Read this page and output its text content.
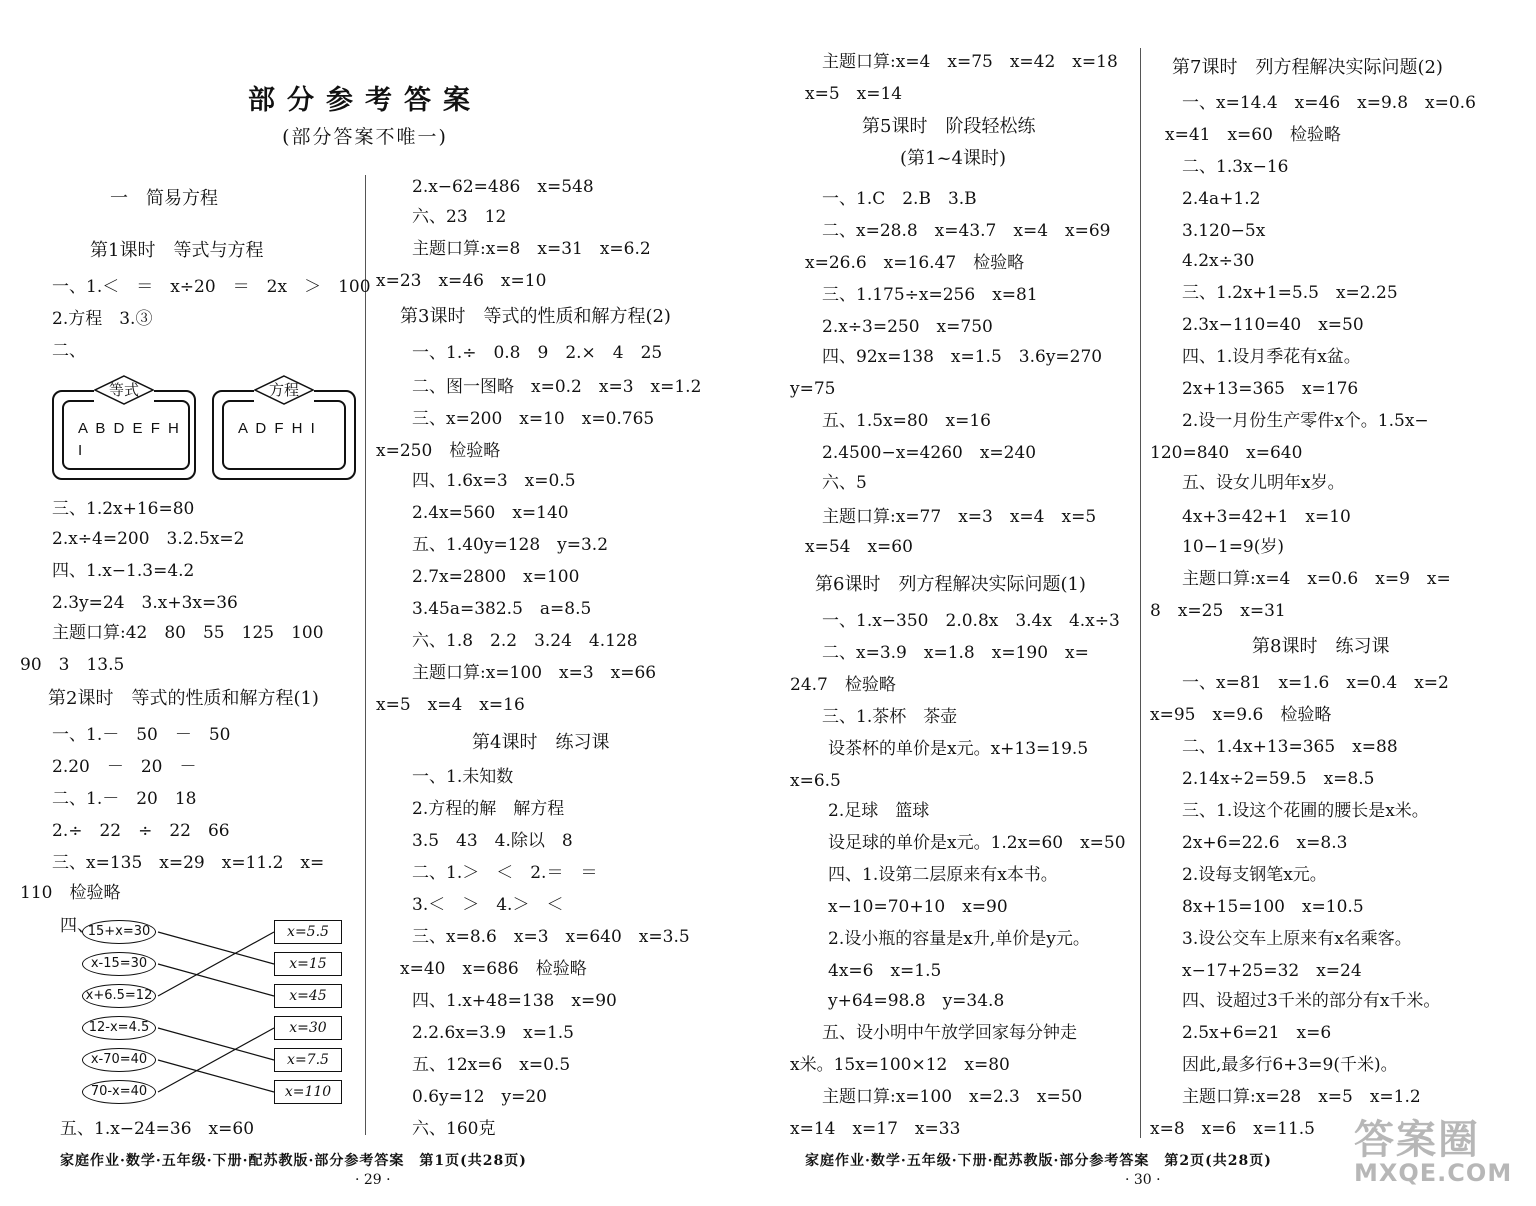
部分参考答案
(部分答案不唯一)
一　简易方程
第1课时　等式与方程
一、1.＜　＝　x÷20　＝　2x　＞　100
2.方程　3.③
二、
三、1.2x+16=80
2.x÷4=200　3.2.5x=2
四、1.x−1.3=4.2
2.3y=24　3.x+3x=36
主题口算:42　80　55　125　100
90　3　13.5
第2课时　等式的性质和解方程(1)
一、1.－　50　－　50
2.20　－　20　－
二、1.－　20　18
2.÷　22　÷　22　66
三、x=135　x=29　x=11.2　x=
110　检验略
四、
五、1.x−24=36　x=60
2.x−62=486　x=548
六、23　12
主题口算:x=8　x=31　x=6.2
x=23　x=46　x=10
第3课时　等式的性质和解方程(2)
一、1.÷　0.8　9　2.×　4　25
二、图一图略　x=0.2　x=3　x=1.2
三、x=200　x=10　x=0.765
x=250　检验略
四、1.6x=3　x=0.5
2.4x=560　x=140
五、1.40y=128　y=3.2
2.7x=2800　x=100
3.45a=382.5　a=8.5
六、1.8　2.2　3.24　4.128
主题口算:x=100　x=3　x=66
x=5　x=4　x=16
第4课时　练习课
一、1.未知数
2.方程的解　解方程
3.5　43　4.除以　8
二、1.＞　＜　2.＝　＝
3.＜　＞　4.＞　＜
三、x=8.6　x=3　x=640　x=3.5
x=40　x=686　检验略
四、1.x+48=138　x=90
2.2.6x=3.9　x=1.5
五、12x=6　x=0.5
0.6y=12　y=20
六、160克
主题口算:x=4　x=75　x=42　x=18
x=5　x=14
第5课时　阶段轻松练
(第1~4课时)
一、1.C　2.B　3.B
二、x=28.8　x=43.7　x=4　x=69
x=26.6　x=16.47　检验略
三、1.175÷x=256　x=81
2.x÷3=250　x=750
四、92x=138　x=1.5　3.6y=270
y=75
五、1.5x=80　x=16
2.4500−x=4260　x=240
六、5
主题口算:x=77　x=3　x=4　x=5
x=54　x=60
第6课时　列方程解决实际问题(1)
一、1.x−350　2.0.8x　3.4x　4.x÷3
二、x=3.9　x=1.8　x=190　x=
24.7　检验略
三、1.茶杯　茶壶
设茶杯的单价是x元。x+13=19.5
x=6.5
2.足球　篮球
设足球的单价是x元。1.2x=60　x=50
四、1.设第二层原来有x本书。
x−10=70+10　x=90
2.设小瓶的容量是x升,单价是y元。
4x=6　x=1.5
y+64=98.8　y=34.8
五、设小明中午放学回家每分钟走
x米。15x=100×12　x=80
主题口算:x=100　x=2.3　x=50
x=14　x=17　x=33
第7课时　列方程解决实际问题(2)
一、x=14.4　x=46　x=9.8　x=0.6
x=41　x=60　检验略
二、1.3x−16
2.4a+1.2
3.120−5x
4.2x÷30
三、1.2x+1=5.5　x=2.25
2.3x−110=40　x=50
四、1.设月季花有x盆。
2x+13=365　x=176
2.设一月份生产零件x个。1.5x−
120=840　x=640
五、设女儿明年x岁。
4x+3=42+1　x=10
10−1=9(岁)
主题口算:x=4　x=0.6　x=9　x=
8　x=25　x=31
第8课时　练习课
一、x=81　x=1.6　x=0.4　x=2
x=95　x=9.6　检验略
二、1.4x+13=365　x=88
2.14x÷2=59.5　x=8.5
三、1.设这个花圃的腰长是x米。
2x+6=22.6　x=8.3
2.设每支钢笔x元。
8x+15=100　x=10.5
3.设公交车上原来有x名乘客。
x−17+25=32　x=24
四、设超过3千米的部分有x千米。
2.5x+6=21　x=6
因此,最多行6+3=9(千米)。
主题口算:x=28　x=5　x=1.2
x=8　x=6　x=11.5
A B D E F H I
等式
A D F H I
方程
15+x=30
x-15=30
x+6.5=12
12-x=4.5
x-70=40
70-x=40
x=5.5
x=15
x=45
x=30
x=7.5
x=110
家庭作业·数学·五年级·下册·配苏教版·部分参考答案　第1页(共28页)
· 29 ·
家庭作业·数学·五年级·下册·配苏教版·部分参考答案　第2页(共28页)
· 30 ·
答案圈
MXQE.COM
